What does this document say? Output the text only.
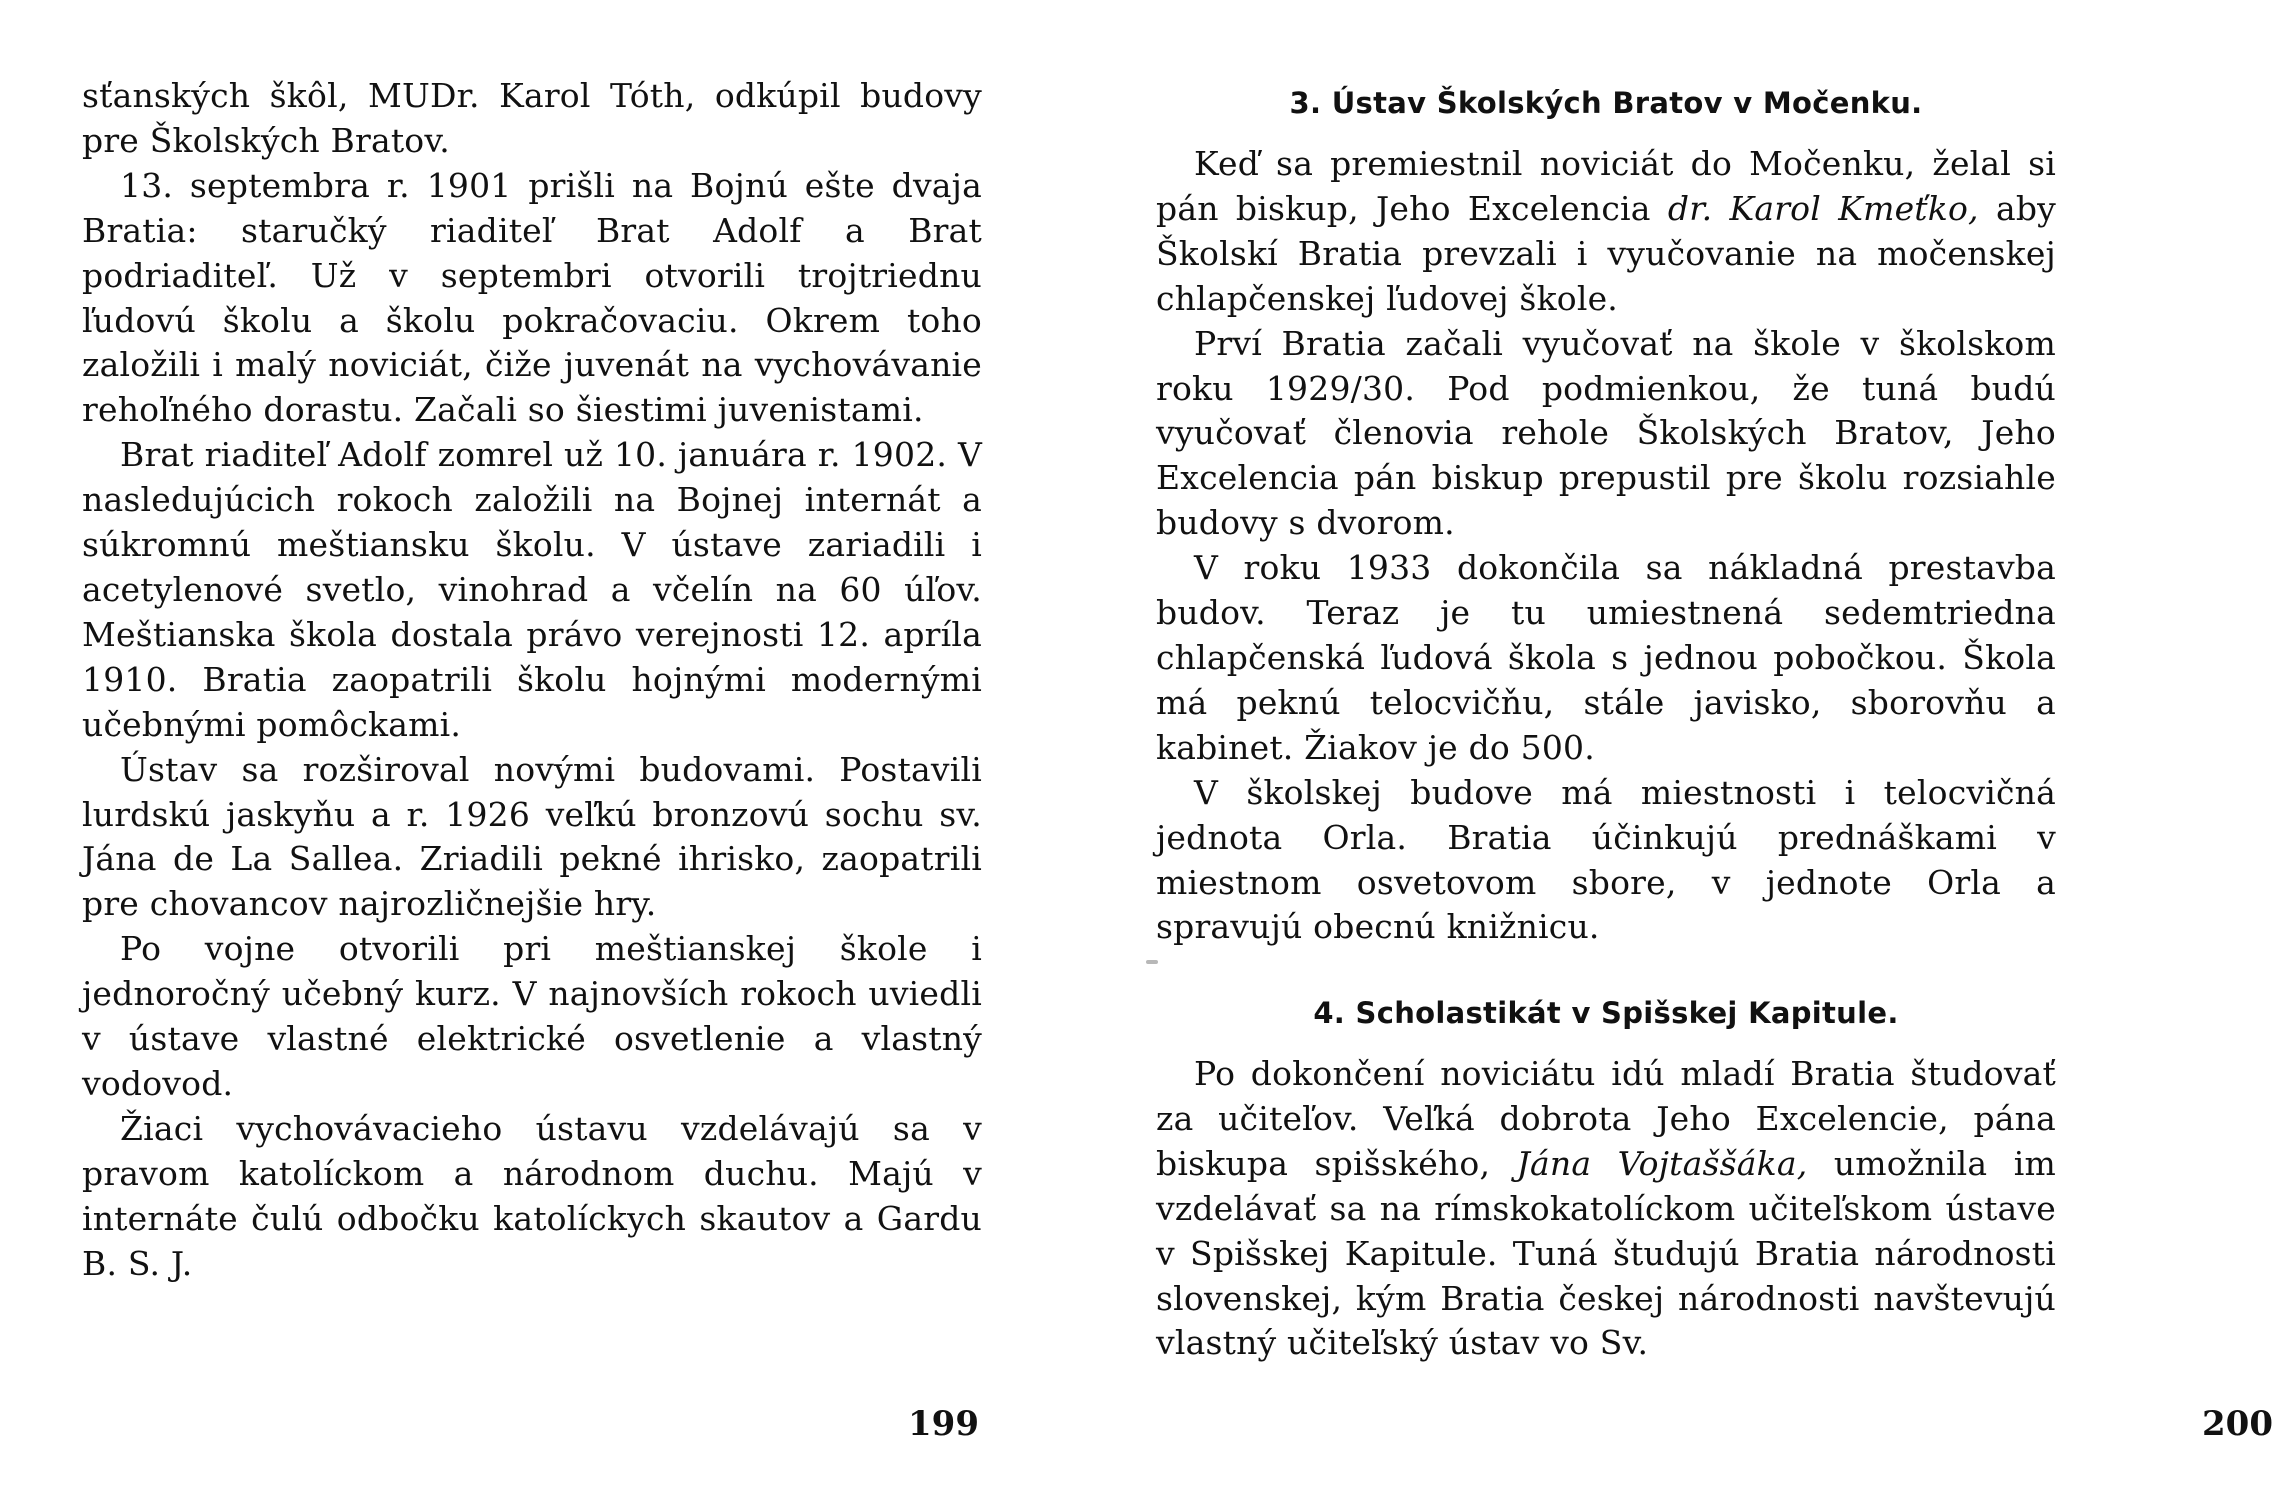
sťanských škôl, MUDr. Karol Tóth, odkúpil budovy pre Školských Bratov.

13. septembra r. 1901 prišli na Bojnú ešte dvaja Bratia: staručký riaditeľ Brat Adolf a Brat podriaditeľ. Už v septembri otvorili trojtriednu ľudovú školu a školu pokračovaciu. Okrem toho založili i malý noviciát, čiže juvenát na vychovávanie rehoľného dorastu. Začali so šiestimi juvenistami.

Brat riaditeľ Adolf zomrel už 10. januára r. 1902. V nasledujúcich rokoch založili na Bojnej internát a súkromnú meštiansku školu. V ústave zariadili i acetylenové svetlo, vinohrad a včelín na 60 úľov. Meštianska škola dostala právo verejnosti 12. apríla 1910. Bratia zaopatrili školu hojnými modernými učebnými pomôckami.

Ústav sa rozširoval novými budovami. Postavili lurdskú jaskyňu a r. 1926 veľkú bronzovú sochu sv. Jána de La Sallea. Zriadili pekné ihrisko, zaopatrili pre chovancov najrozličnejšie hry.

Po vojne otvorili pri meštianskej škole i jednoročný učebný kurz. V najnovších rokoch uviedli v ústave vlastné elektrické osvetlenie a vlastný vodovod.

Žiaci vychovávacieho ústavu vzdelávajú sa v pravom katolíckom a národnom duchu. Majú v internáte čulú odbočku katolíckych skautov a Gardu B. S. J.

199
3. Ústav Školských Bratov v Močenku.

Keď sa premiestnil noviciát do Močenku, želal si pán biskup, Jeho Excelencia dr. Karol Kmeťko, aby Školskí Bratia prevzali i vyučovanie na močenskej chlapčenskej ľudovej škole.

Prví Bratia začali vyučovať na škole v školskom roku 1929/30. Pod podmienkou, že tuná budú vyučovať členovia rehole Školských Bratov, Jeho Excelencia pán biskup prepustil pre školu rozsiahle budovy s dvorom.

V roku 1933 dokončila sa nákladná prestavba budov. Teraz je tu umiestnená sedemtriedna chlapčenská ľudová škola s jednou pobočkou. Škola má peknú telocvičňu, stále javisko, sborovňu a kabinet. Žiakov je do 500.

V školskej budove má miestnosti i telocvičná jednota Orla. Bratia účinkujú prednáškami v miestnom osvetovom sbore, v jednote Orla a spravujú obecnú knižnicu.

4. Scholastikát v Spišskej Kapitule.

Po dokončení noviciátu idú mladí Bratia študovať za učiteľov. Veľká dobrota Jeho Excelencie, pána biskupa spišského, Jána Vojtaššáka, umožnila im vzdelávať sa na rímskokatolíckom učiteľskom ústave v Spišskej Kapitule. Tuná študujú Bratia národnosti slovenskej, kým Bratia českej národnosti navštevujú vlastný učiteľský ústav vo Sv.

200
